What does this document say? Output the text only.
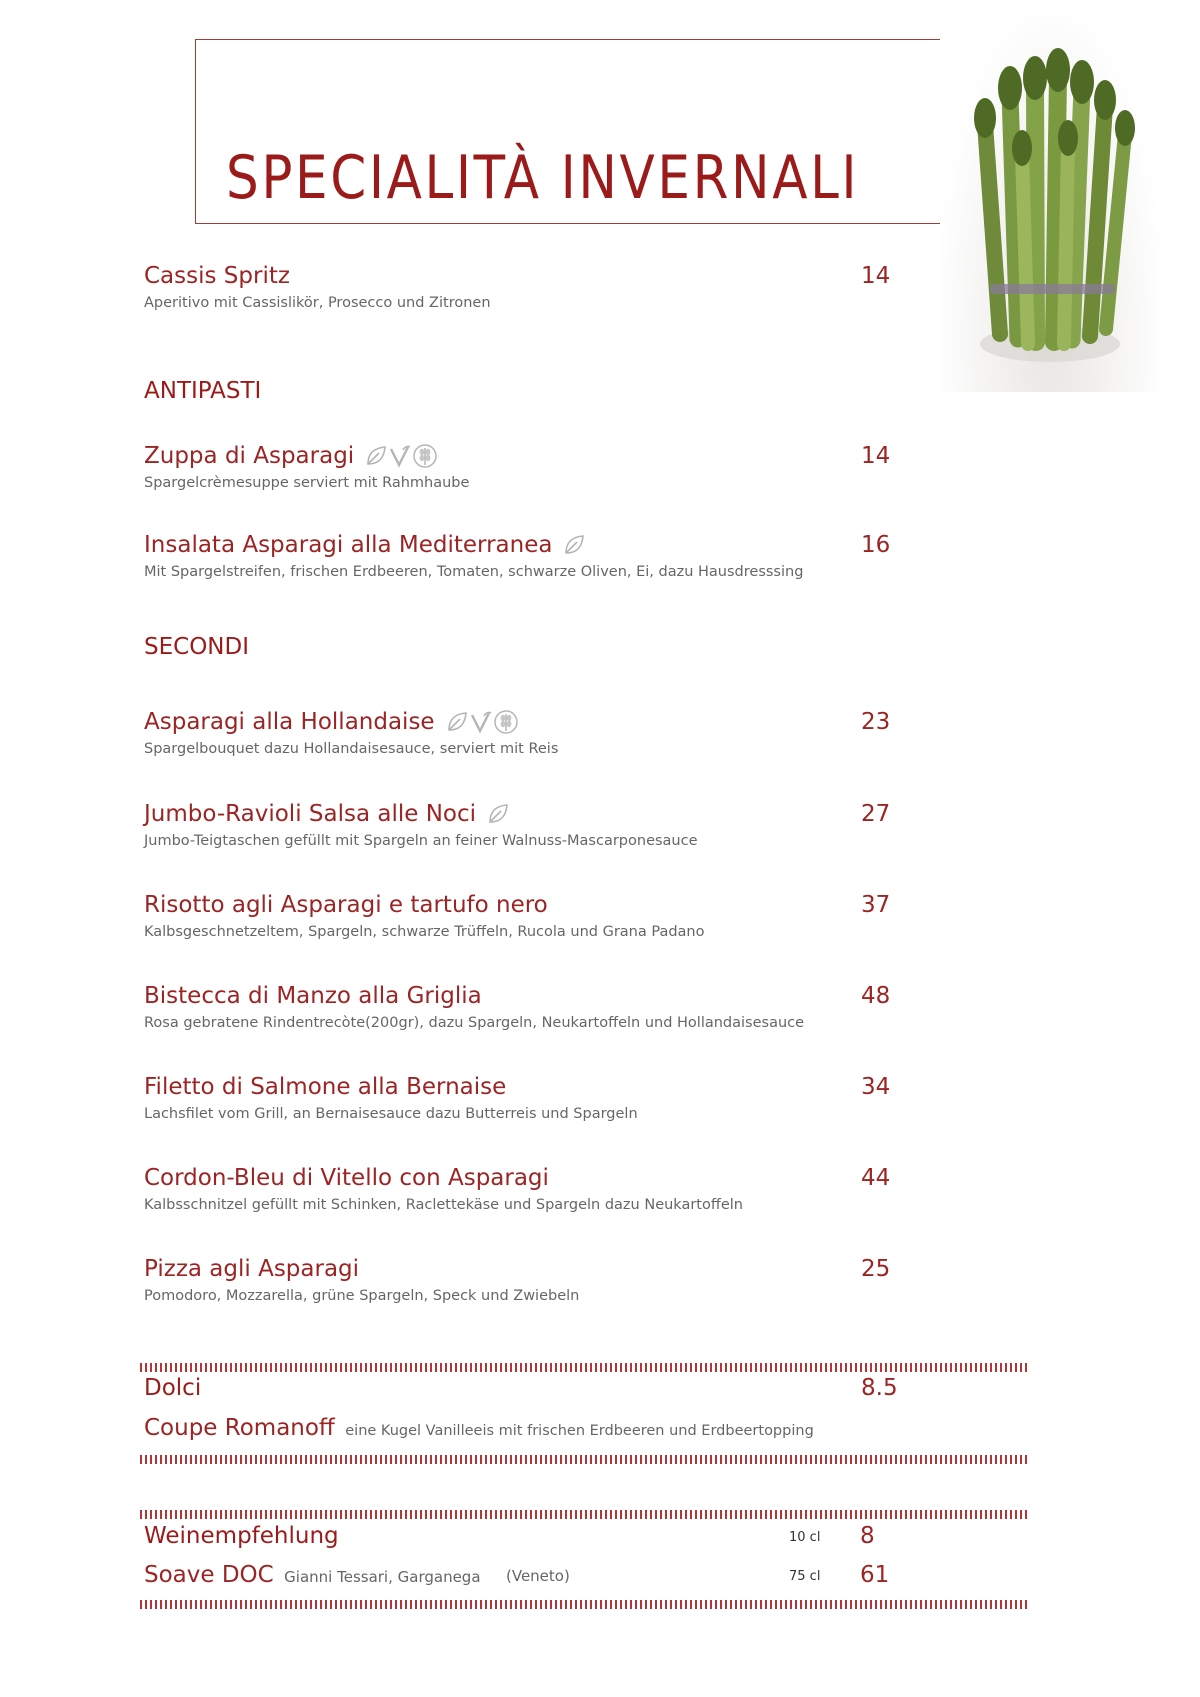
SPECIALITÀ INVERNALI
Cassis Spritz
Aperitivo mit Cassislikör, Prosecco und Zitronen
14
ANTIPASTI
Zuppa di Asparagi
Spargelcrèmesuppe serviert mit Rahmhaube
14
Insalata Asparagi alla Mediterranea
Mit Spargelstreifen, frischen Erdbeeren, Tomaten, schwarze Oliven, Ei, dazu Hausdresssing
16
SECONDI
Asparagi alla Hollandaise
Spargelbouquet dazu Hollandaisesauce, serviert mit Reis
23
Jumbo-Ravioli Salsa alle Noci
Jumbo-Teigtaschen gefüllt mit Spargeln an feiner Walnuss-Mascarponesauce
27
Risotto agli Asparagi e tartufo nero
Kalbsgeschnetzeltem, Spargeln, schwarze Trüffeln, Rucola und Grana Padano
37
Bistecca di Manzo alla Griglia
Rosa gebratene Rindentrecòte(200gr), dazu Spargeln, Neukartoffeln und Hollandaisesauce
48
Filetto di Salmone alla Bernaise
Lachsfilet vom Grill, an Bernaisesauce dazu Butterreis und Spargeln
34
Cordon-Bleu di Vitello con Asparagi
Kalbsschnitzel gefüllt mit Schinken, Raclettekäse und Spargeln dazu Neukartoffeln
44
Pizza agli Asparagi
Pomodoro, Mozzarella, grüne Spargeln, Speck und Zwiebeln
25
Dolci	8.5
Coupe Romanoff eine Kugel Vanilleeis mit frischen Erdbeeren und Erdbeertopping
Weinempfehlung	10 cl 8
Soave DOC Gianni Tessari, Garganega (Veneto)	75 cl 61
